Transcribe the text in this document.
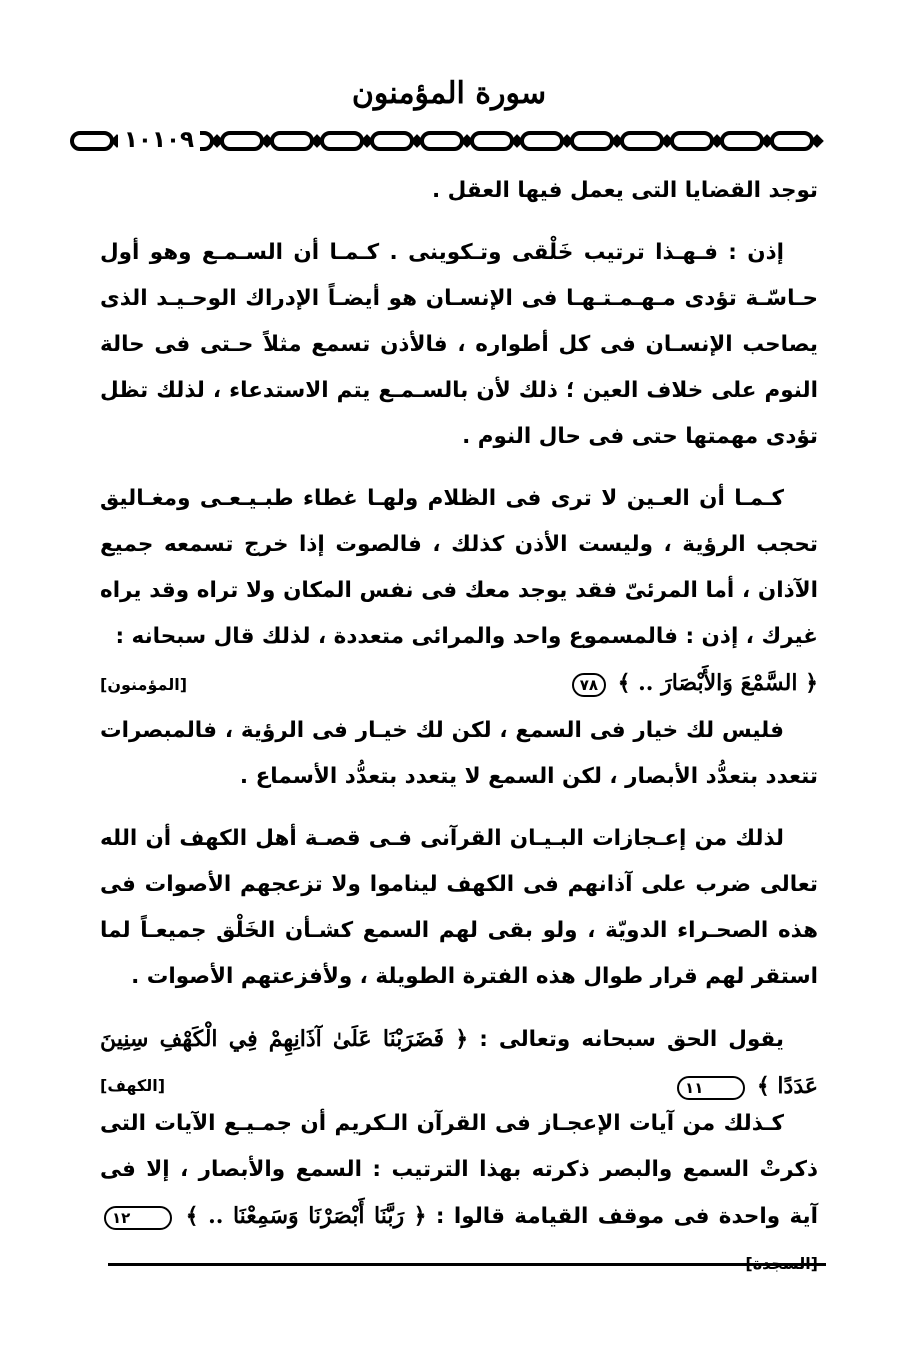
سورة المؤمنون
١٠١٠٩

توجد القضايا التى يعمل فيها العقل .

إذن : فـهـذا ترتيب خَلْقى وتـكوينى . كـمـا أن السـمـع وهو أول حـاسّـة تؤدى مـهـمـتـهـا فى الإنسـان هو أيضـاً الإدراك الوحـيـد الذى يصاحب الإنسـان فى كل أطواره ، فالأذن تسمع مثلاً حـتى فى حالة النوم على خلاف العين ؛ ذلك لأن بالسـمـع يتم الاستدعاء ، لذلك تظل تؤدى مهمتها حتى فى حال النوم .

كـمـا أن العـين لا ترى فى الظلام ولهـا غطاء طبـيـعـى ومغـاليق تحجب الرؤية ، وليست الأذن كذلك ، فالصوت إذا خرج تسمعه جميع الآذان ، أما المرئىّ فقد يوجد معك فى نفس المكان ولا تراه وقد يراه غيرك ، إذن : فالمسموع واحد والمرائى متعددة ، لذلك قال سبحانه :

﴿ السَّمْعَ وَالأَبْصَارَ .. ﴾ ٧٨
[المؤمنون]

فليس لك خيار فى السمع ، لكن لك خيـار فى الرؤية ، فالمبصرات تتعدد بتعدُّد الأبصار ، لكن السمع لا يتعدد بتعدُّد الأسماع .

لذلك من إعـجازات البـيـان القرآنى فـى قصـة أهل الكهف أن الله تعالى ضرب على آذانهم فى الكهف ليناموا ولا تزعجهم الأصوات فى هذه الصحـراء الدويّة ، ولو بقى لهم السمع كشـأن الخَلْق جميعـاً لما استقر لهم قرار طوال هذه الفترة الطويلة ، ولأفزعتهم الأصوات .

يقول الحق سبحانه وتعالى : ﴿ فَضَرَبْنَا عَلَىٰ آذَانِهِمْ فِي الْكَهْفِ سِنِينَ عَدَدًا ﴾ ١١

[الكهف]

كـذلك من آيات الإعجـاز فى القرآن الـكريم أن جمـيـع الآيات التى ذكرتْ السمع والبصر ذكرته بهذا الترتيب : السمع والأبصار ، إلا فى آية واحدة فى موقف القيامة قالوا : ﴿ رَبَّنَا أَبْصَرْنَا وَسَمِعْنَا .. ﴾ ١٢ [السجدة]
